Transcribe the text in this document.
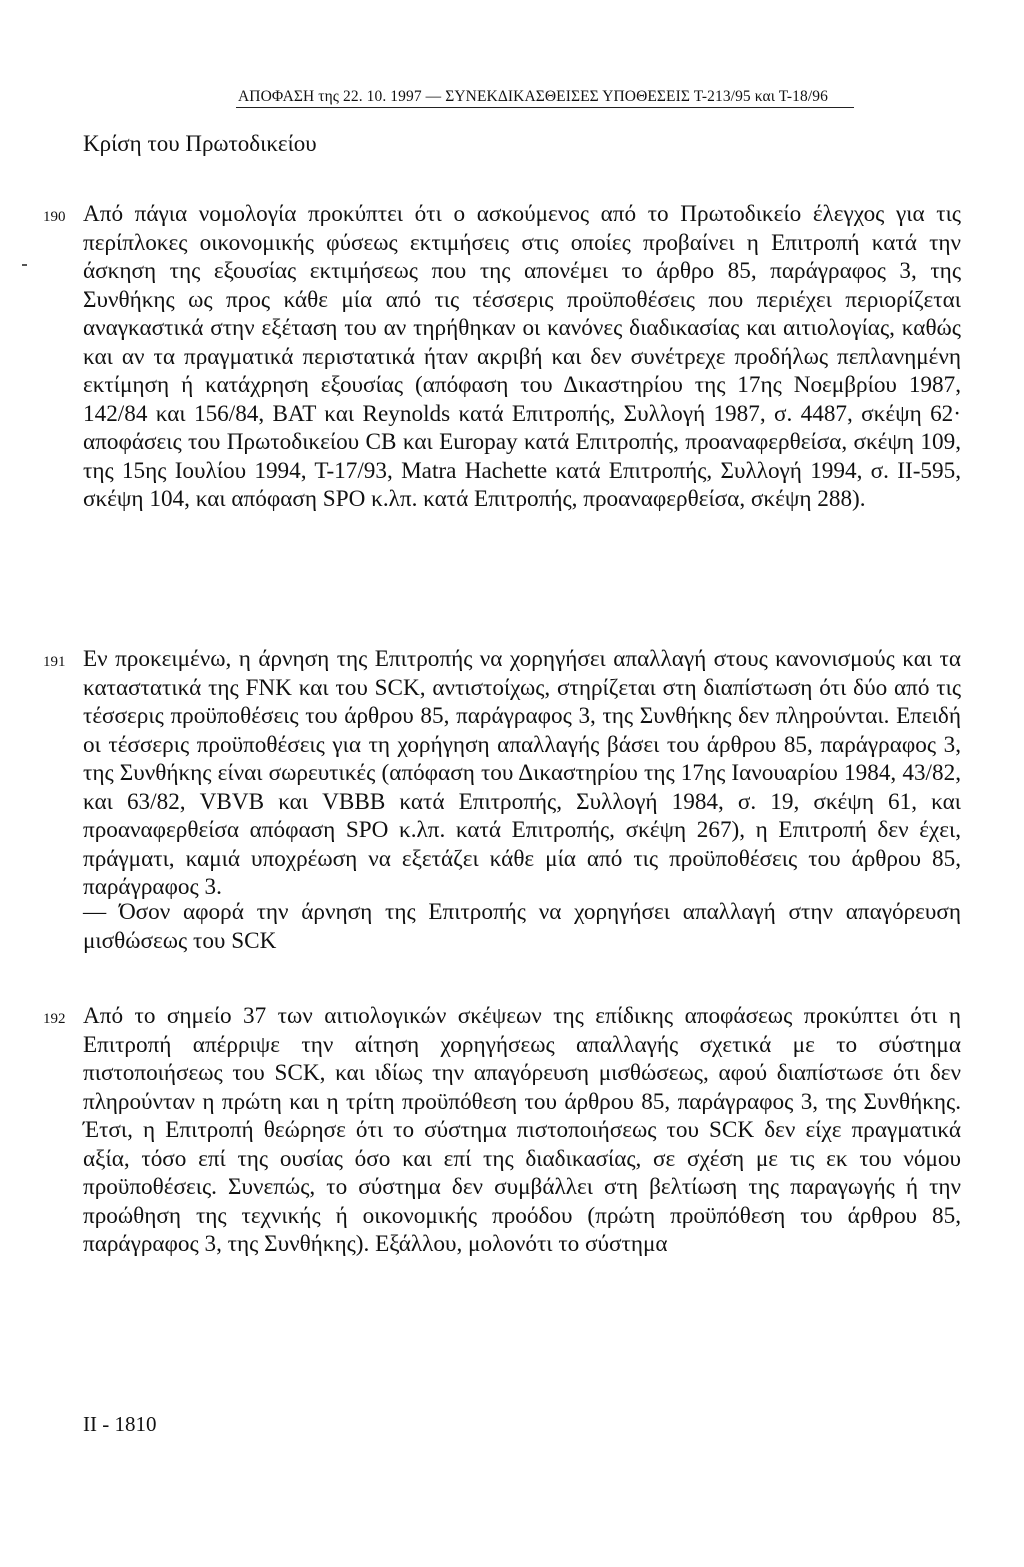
ΑΠΟΦΑΣΗ της 22. 10. 1997 — ΣΥΝΕΚΔΙΚΑΣΘΕΙΣΕΣ ΥΠΟΘΕΣΕΙΣ Τ-213/95 και Τ-18/96
Κρίση του Πρωτοδικείου
190 Από πάγια νομολογία προκύπτει ότι ο ασκούμενος από το Πρωτοδικείο έλεγχος για τις περίπλοκες οικονομικής φύσεως εκτιμήσεις στις οποίες προβαίνει η Επιτροπή κατά την άσκηση της εξουσίας εκτιμήσεως που της απονέμει το άρθρο 85, παράγραφος 3, της Συνθήκης ως προς κάθε μία από τις τέσσερις προϋποθέσεις που περιέχει περιορίζεται αναγκαστικά στην εξέταση του αν τηρήθηκαν οι κανόνες διαδικασίας και αιτιολογίας, καθώς και αν τα πραγματικά περιστατικά ήταν ακριβή και δεν συνέτρεχε προδήλως πεπλανημένη εκτίμηση ή κατάχρηση εξουσίας (απόφαση του Δικαστηρίου της 17ης Νοεμβρίου 1987, 142/84 και 156/84, ΒΑΤ και Reynolds κατά Επιτροπής, Συλλογή 1987, σ. 4487, σκέψη 62· αποφάσεις του Πρωτοδικείου CB και Europay κατά Επιτροπής, προαναφερθείσα, σκέψη 109, της 15ης Ιουλίου 1994, Τ-17/93, Matra Hachette κατά Επιτροπής, Συλλογή 1994, σ. ΙΙ-595, σκέψη 104, και απόφαση SPO κ.λπ. κατά Επιτροπής, προαναφερθείσα, σκέψη 288).

191 Εν προκειμένω, η άρνηση της Επιτροπής να χορηγήσει απαλλαγή στους κανονισμούς και τα καταστατικά της FNK και του SCK, αντιστοίχως, στηρίζεται στη διαπίστωση ότι δύο από τις τέσσερις προϋποθέσεις του άρθρου 85, παράγραφος 3, της Συνθήκης δεν πληρούνται. Επειδή οι τέσσερις προϋποθέσεις για τη χορήγηση απαλλαγής βάσει του άρθρου 85, παράγραφος 3, της Συνθήκης είναι σωρευτικές (απόφαση του Δικαστηρίου της 17ης Ιανουαρίου 1984, 43/82, και 63/82, VBVB και VBBB κατά Επιτροπής, Συλλογή 1984, σ. 19, σκέψη 61, και προαναφερθείσα απόφαση SPO κ.λπ. κατά Επιτροπής, σκέψη 267), η Επιτροπή δεν έχει, πράγματι, καμιά υποχρέωση να εξετάζει κάθε μία από τις προϋποθέσεις του άρθρου 85, παράγραφος 3.

— Όσον αφορά την άρνηση της Επιτροπής να χορηγήσει απαλλαγή στην απαγόρευση μισθώσεως του SCK

192 Από το σημείο 37 των αιτιολογικών σκέψεων της επίδικης αποφάσεως προκύπτει ότι η Επιτροπή απέρριψε την αίτηση χορηγήσεως απαλλαγής σχετικά με το σύστημα πιστοποιήσεως του SCK, και ιδίως την απαγόρευση μισθώσεως, αφού διαπίστωσε ότι δεν πληρούνταν η πρώτη και η τρίτη προϋπόθεση του άρθρου 85, παράγραφος 3, της Συνθήκης. Έτσι, η Επιτροπή θεώρησε ότι το σύστημα πιστοποιήσεως του SCK δεν είχε πραγματικά αξία, τόσο επί της ουσίας όσο και επί της διαδικασίας, σε σχέση με τις εκ του νόμου προϋποθέσεις. Συνεπώς, το σύστημα δεν συμβάλλει στη βελτίωση της παραγωγής ή την προώθηση της τεχνικής ή οικονομικής προόδου (πρώτη προϋπόθεση του άρθρου 85, παράγραφος 3, της Συνθήκης). Εξάλλου, μολονότι το σύστημα

II - 1810
